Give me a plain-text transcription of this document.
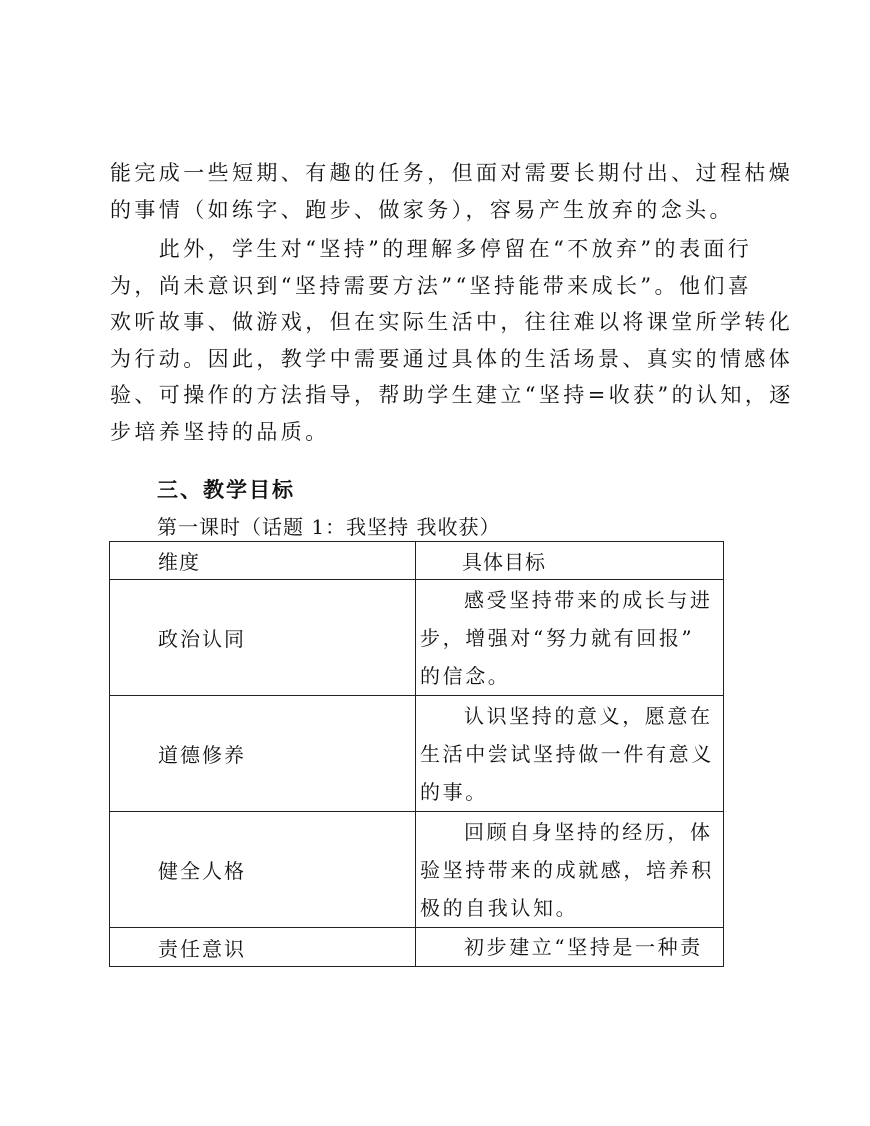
能完成一些短期、有趣的任务，但面对需要长期付出、过程枯燥
的事情（如练字、跑步、做家务），容易产生放弃的念头。

　　此外，学生对“坚持”的理解多停留在“不放弃”的表面行
为，尚未意识到“坚持需要方法”“坚持能带来成长”。他们喜
欢听故事、做游戏，但在实际生活中，往往难以将课堂所学转化
为行动。因此，教学中需要通过具体的生活场景、真实的情感体
验、可操作的方法指导，帮助学生建立“坚持=收获”的认知，逐
步培养坚持的品质。

三、教学目标

第一课时（话题 1：我坚持 我收获）

维度	具体目标
政治认同	感受坚持带来的成长与进
步，增强对“努力就有回报”
的信念。

道德修养	认识坚持的意义，愿意在
生活中尝试坚持做一件有意义
的事。

健全人格	回顾自身坚持的经历，体
验坚持带来的成就感，培养积
极的自我认知。

责任意识	初步建立“坚持是一种责
